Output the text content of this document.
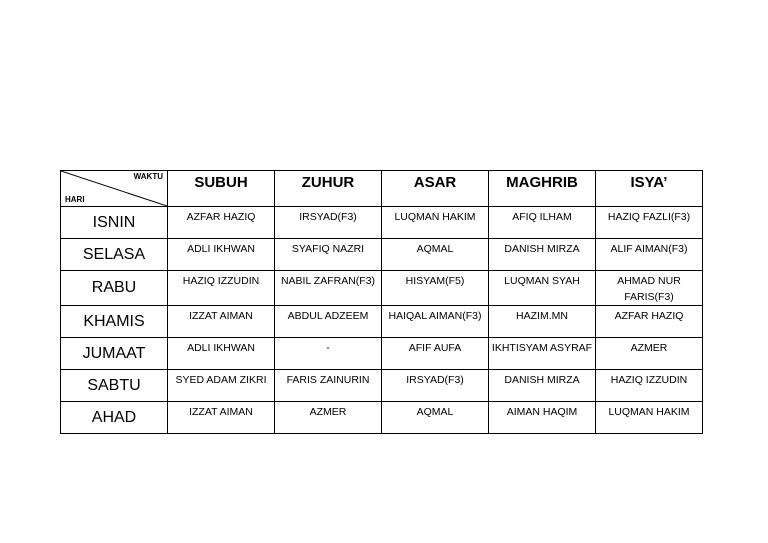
WAKTU
HARI	SUBUH	ZUHUR	ASAR	MAGHRIB	ISYA’
ISNIN	AZFAR HAZIQ	IRSYAD(F3)	LUQMAN HAKIM	AFIQ ILHAM	HAZIQ FAZLI(F3)
SELASA	ADLI IKHWAN	SYAFIQ NAZRI	AQMAL	DANISH MIRZA	ALIF AIMAN(F3)
RABU	HAZIQ IZZUDIN	NABIL ZAFRAN(F3)	HISYAM(F5)	LUQMAN SYAH	AHMAD NUR FARIS(F3)
KHAMIS	IZZAT AIMAN	ABDUL ADZEEM	HAIQAL AIMAN(F3)	HAZIM.MN	AZFAR HAZIQ
JUMAAT	ADLI IKHWAN	-	AFIF AUFA	IKHTISYAM ASYRAF	AZMER
SABTU	SYED ADAM ZIKRI	FARIS ZAINURIN	IRSYAD(F3)	DANISH MIRZA	HAZIQ IZZUDIN
AHAD	IZZAT AIMAN	AZMER	AQMAL	AIMAN HAQIM	LUQMAN HAKIM
